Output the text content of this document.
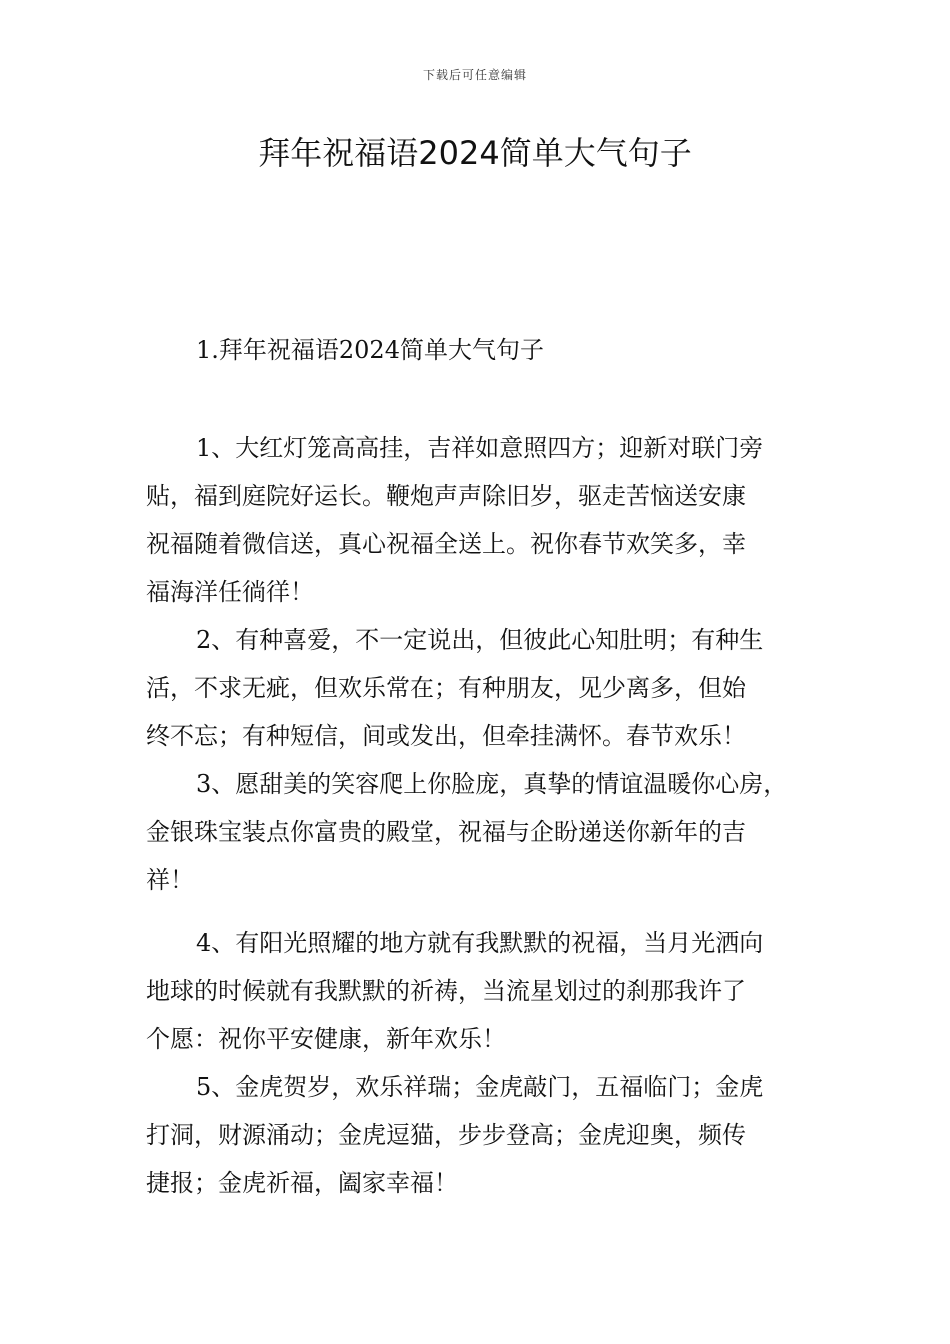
下载后可任意编辑
拜年祝福语2024简单大气句子
1.拜年祝福语2024简单大气句子
1、大红灯笼高高挂，吉祥如意照四方；迎新对联门旁
贴，福到庭院好运长。鞭炮声声除旧岁，驱走苦恼送安康
祝福随着微信送，真心祝福全送上。祝你春节欢笑多，幸
福海洋任徜徉！
2、有种喜爱，不一定说出，但彼此心知肚明；有种生
活，不求无疵，但欢乐常在；有种朋友，见少离多，但始
终不忘；有种短信，间或发出，但牵挂满怀。春节欢乐！
3、愿甜美的笑容爬上你脸庞，真挚的情谊温暖你心房，
金银珠宝装点你富贵的殿堂，祝福与企盼递送你新年的吉
祥！
4、有阳光照耀的地方就有我默默的祝福，当月光洒向
地球的时候就有我默默的祈祷，当流星划过的刹那我许了
个愿：祝你平安健康，新年欢乐！
5、金虎贺岁，欢乐祥瑞；金虎敲门，五福临门；金虎
打洞，财源涌动；金虎逗猫，步步登高；金虎迎奥，频传
捷报；金虎祈福，阖家幸福！
